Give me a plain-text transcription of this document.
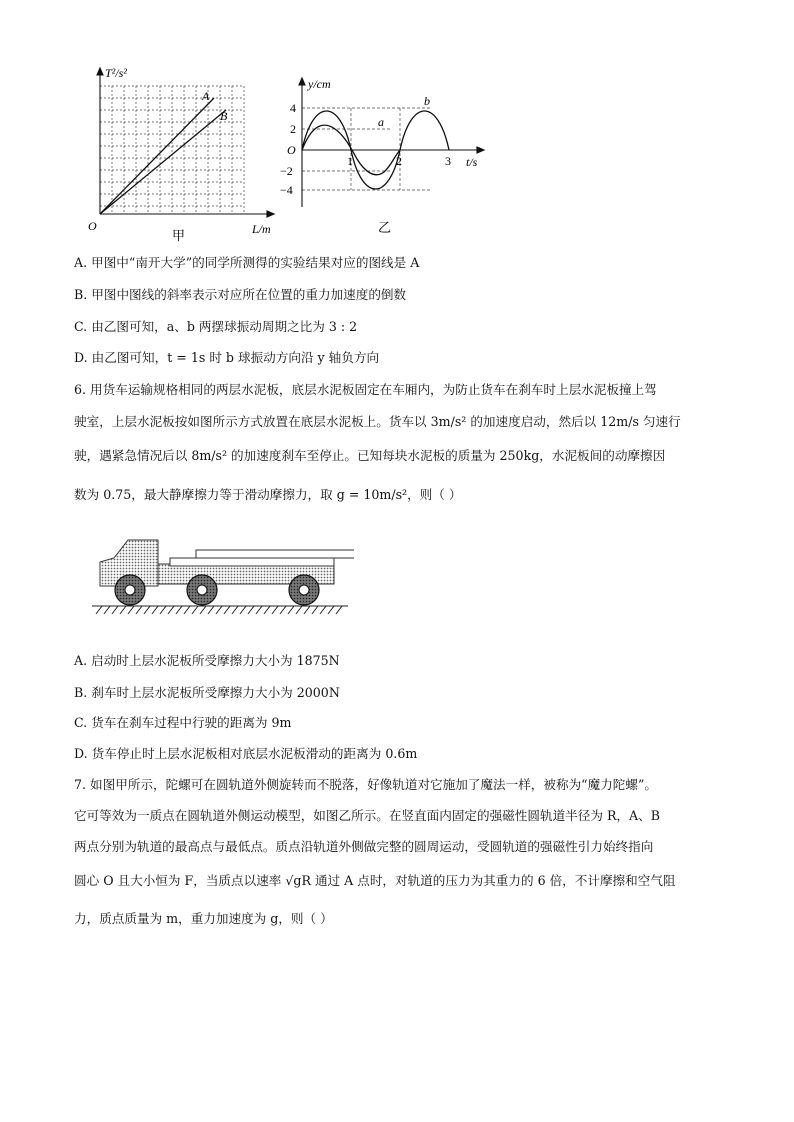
T²/s²
L/m
O
A
B
甲
y/cm
t/s
O
4
2
−2
−4
1	2	3
a
b
乙
A. 甲图中“南开大学”的同学所测得的实验结果对应的图线是 A
B. 甲图中图线的斜率表示对应所在位置的重力加速度的倒数
C. 由乙图可知，a、b 两摆球振动周期之比为 3 : 2
D. 由乙图可知，t = 1s 时 b 球振动方向沿 y 轴负方向
6. 用货车运输规格相同的两层水泥板，底层水泥板固定在车厢内，为防止货车在刹车时上层水泥板撞上驾
驶室，上层水泥板按如图所示方式放置在底层水泥板上。货车以 3m/s² 的加速度启动，然后以 12m/s 匀速行
驶，遇紧急情况后以 8m/s² 的加速度刹车至停止。已知每块水泥板的质量为 250kg，水泥板间的动摩擦因
数为 0.75，最大静摩擦力等于滑动摩擦力，取 g = 10m/s²，则（ ）
A. 启动时上层水泥板所受摩擦力大小为 1875N
B. 刹车时上层水泥板所受摩擦力大小为 2000N
C. 货车在刹车过程中行驶的距离为 9m
D. 货车停止时上层水泥板相对底层水泥板滑动的距离为 0.6m
7. 如图甲所示，陀螺可在圆轨道外侧旋转而不脱落，好像轨道对它施加了魔法一样，被称为“魔力陀螺”。
它可等效为一质点在圆轨道外侧运动模型，如图乙所示。在竖直面内固定的强磁性圆轨道半径为 R，A、B
两点分别为轨道的最高点与最低点。质点沿轨道外侧做完整的圆周运动，受圆轨道的强磁性引力始终指向
圆心 O 且大小恒为 F，当质点以速率 √gR 通过 A 点时，对轨道的压力为其重力的 6 倍，不计摩擦和空气阻
力，质点质量为 m，重力加速度为 g，则（ ）
